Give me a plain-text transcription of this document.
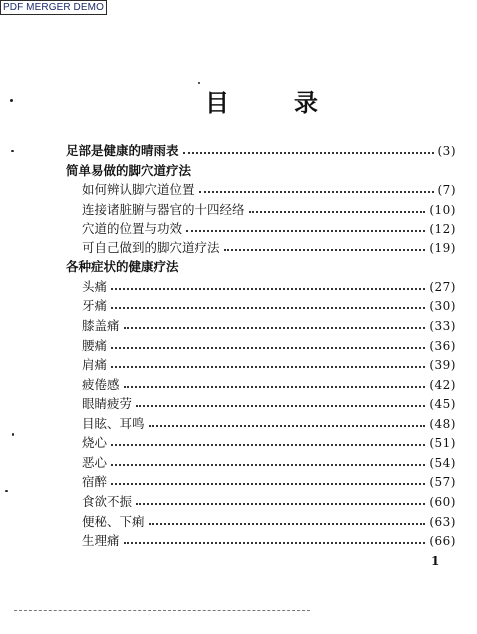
PDF MERGER DEMO
目	录
足部是健康的晴雨表	(3)
简单易做的脚穴道疗法
如何辨认脚穴道位置	(7)
连接诸脏腑与器官的十四经络	(10)
穴道的位置与功效	(12)
可自己做到的脚穴道疗法	(19)
各种症状的健康疗法
头痛	(27)
牙痛	(30)
膝盖痛	(33)
腰痛	(36)
肩痛	(39)
疲倦感	(42)
眼睛疲劳	(45)
目眩、耳鸣	(48)
烧心	(51)
恶心	(54)
宿醉	(57)
食欲不振	(60)
便秘、下痢	(63)
生理痛	(66)
1
